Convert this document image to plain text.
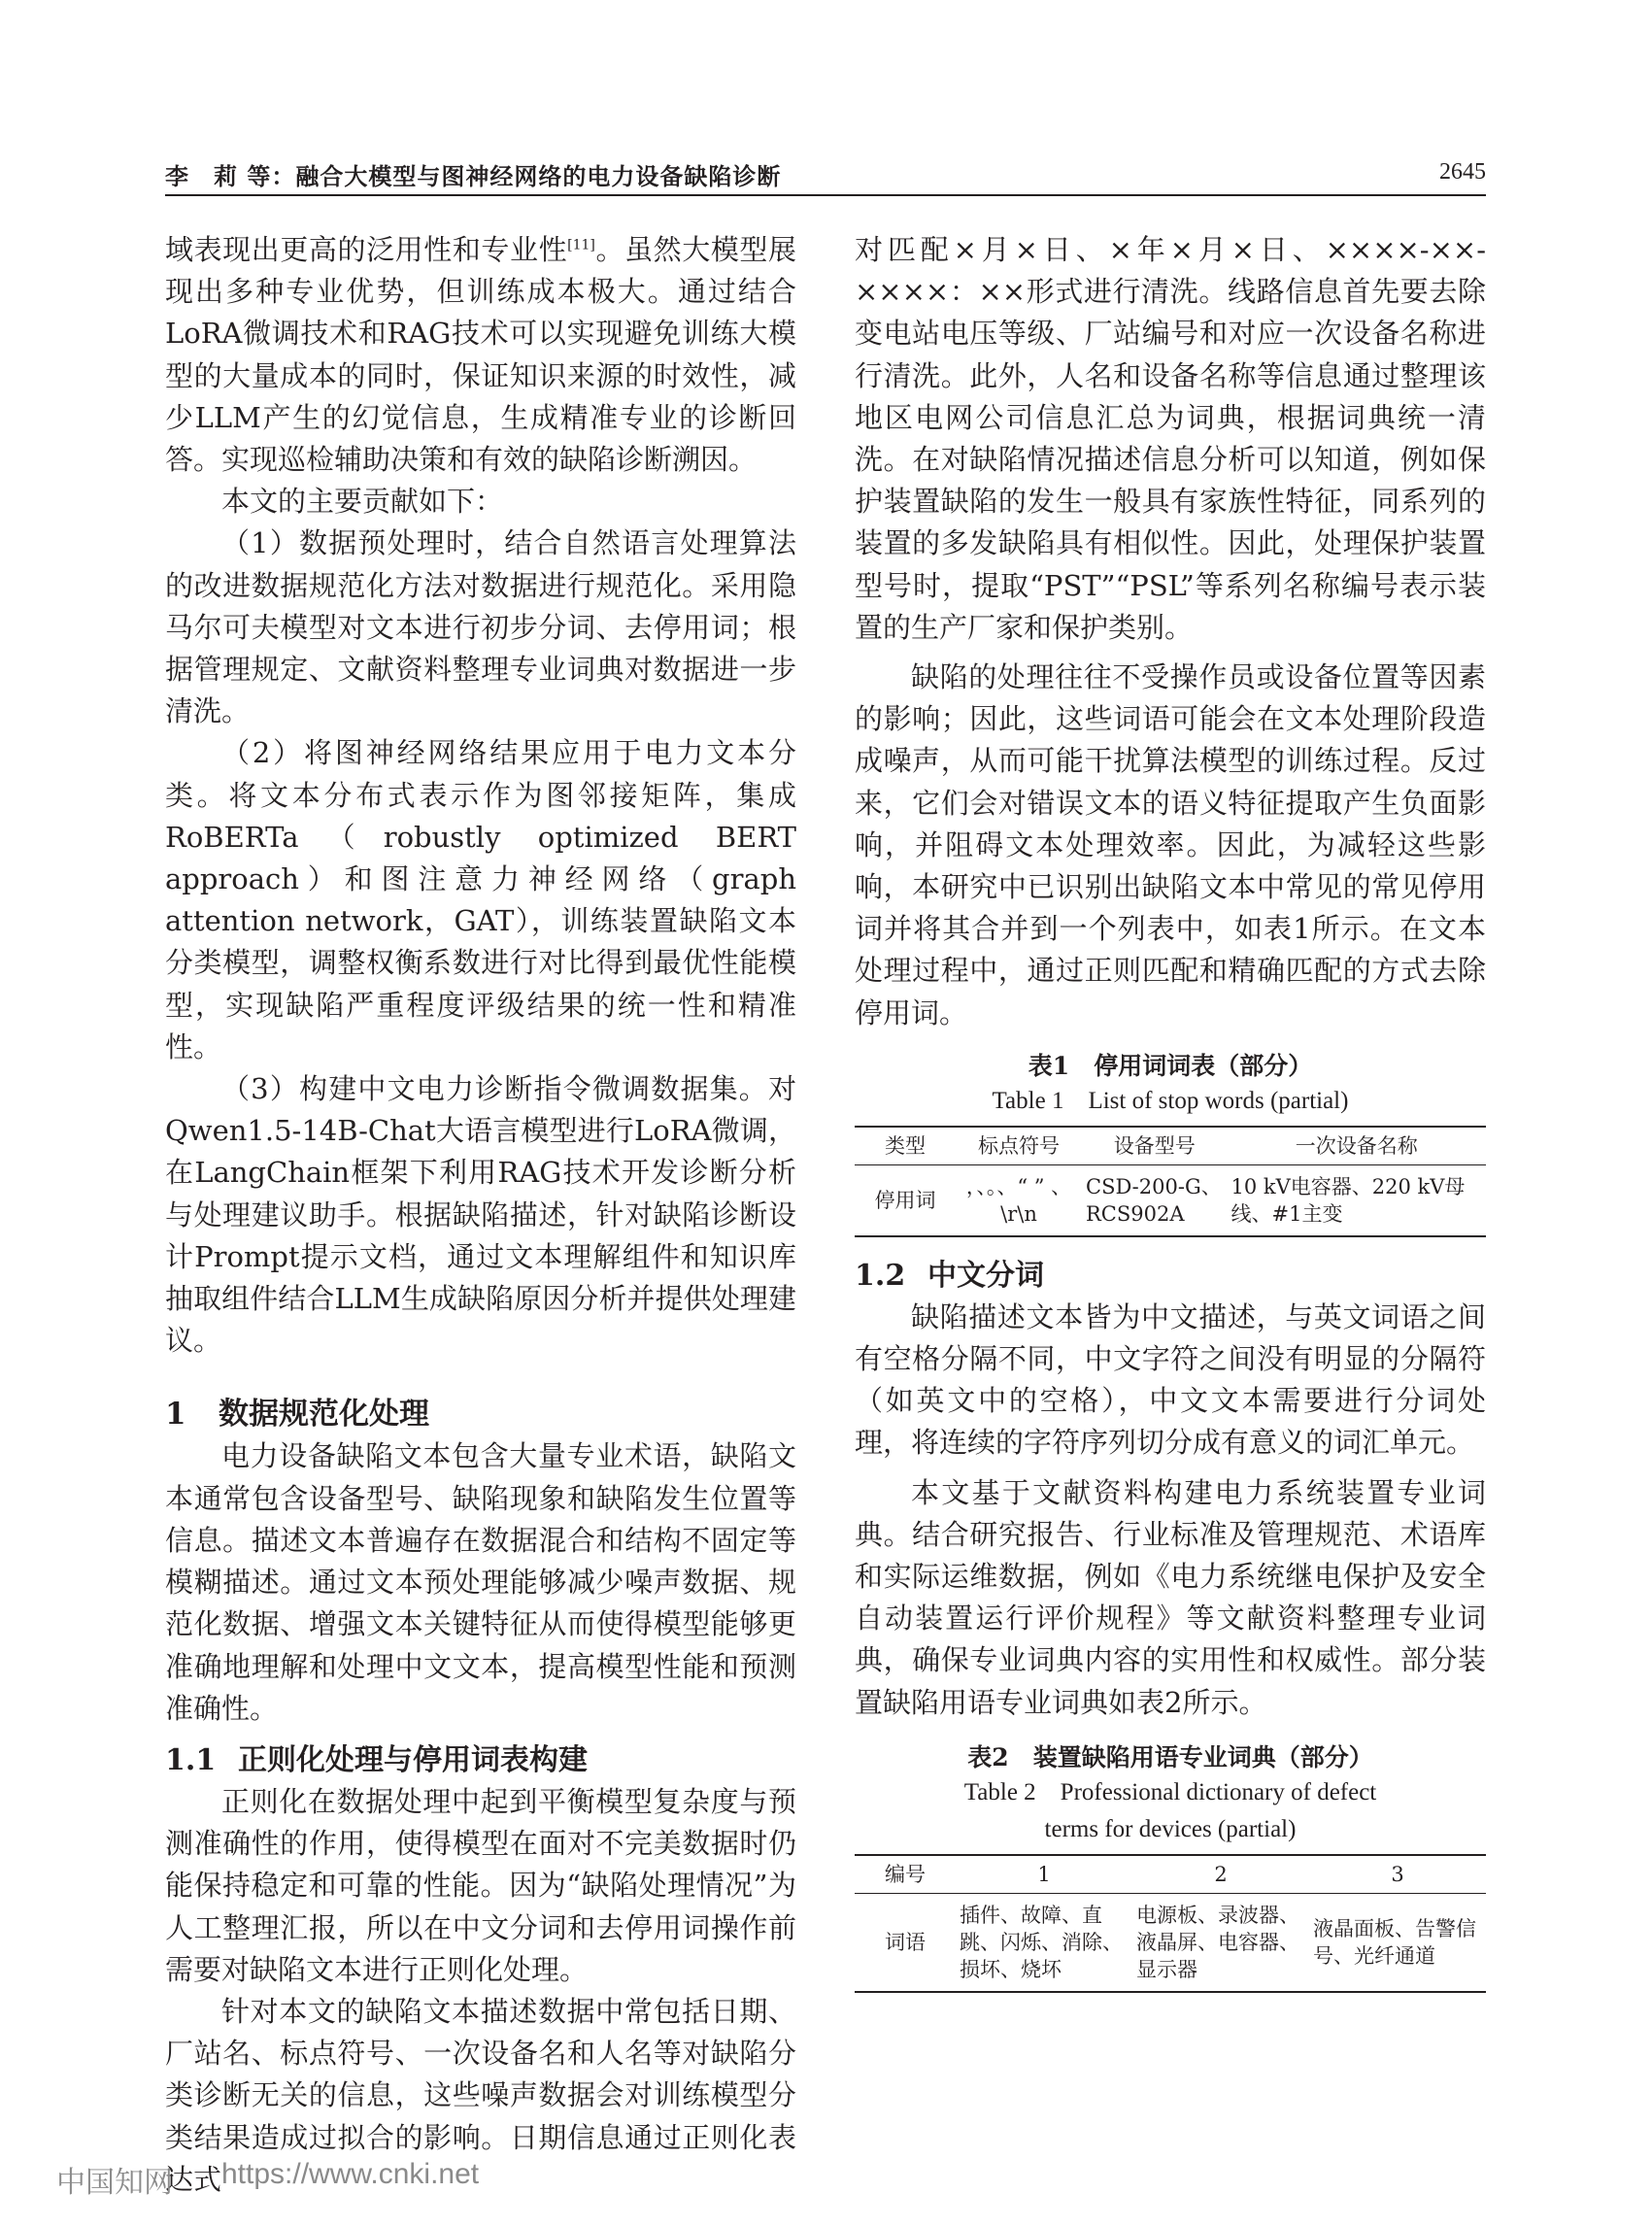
李　莉 等：融合大模型与图神经网络的电力设备缺陷诊断	2645

域表现出更高的泛用性和专业性[11]。虽然大模型展现出多种专业优势，但训练成本极大。通过结合LoRA微调技术和RAG技术可以实现避免训练大模型的大量成本的同时，保证知识来源的时效性，减少LLM产生的幻觉信息，生成精准专业的诊断回答。实现巡检辅助决策和有效的缺陷诊断溯因。

本文的主要贡献如下：

（1）数据预处理时，结合自然语言处理算法的改进数据规范化方法对数据进行规范化。采用隐马尔可夫模型对文本进行初步分词、去停用词；根据管理规定、文献资料整理专业词典对数据进一步清洗。

（2）将图神经网络结果应用于电力文本分类。将文本分布式表示作为图邻接矩阵，集成RoBERTa（robustly optimized BERT approach）和图注意力神经网络（graph attention network，GAT），训练装置缺陷文本分类模型，调整权衡系数进行对比得到最优性能模型，实现缺陷严重程度评级结果的统一性和精准性。

（3）构建中文电力诊断指令微调数据集。对Qwen1.5-14B-Chat大语言模型进行LoRA微调，在LangChain框架下利用RAG技术开发诊断分析与处理建议助手。根据缺陷描述，针对缺陷诊断设计Prompt提示文档，通过文本理解组件和知识库抽取组件结合LLM生成缺陷原因分析并提供处理建议。

1 数据规范化处理

电力设备缺陷文本包含大量专业术语，缺陷文本通常包含设备型号、缺陷现象和缺陷发生位置等信息。描述文本普遍存在数据混合和结构不固定等模糊描述。通过文本预处理能够减少噪声数据、规范化数据、增强文本关键特征从而使得模型能够更准确地理解和处理中文文本，提高模型性能和预测准确性。

1.1 正则化处理与停用词表构建

正则化在数据处理中起到平衡模型复杂度与预测准确性的作用，使得模型在面对不完美数据时仍能保持稳定和可靠的性能。因为“缺陷处理情况”为人工整理汇报，所以在中文分词和去停用词操作前需要对缺陷文本进行正则化处理。

针对本文的缺陷文本描述数据中常包括日期、厂站名、标点符号、一次设备名和人名等对缺陷分类诊断无关的信息，这些噪声数据会对训练模型分类结果造成过拟合的影响。日期信息通过正则化表达式

对匹配×月×日、×年×月×日、××××-××-××××：××形式进行清洗。线路信息首先要去除变电站电压等级、厂站编号和对应一次设备名称进行清洗。此外，人名和设备名称等信息通过整理该地区电网公司信息汇总为词典，根据词典统一清洗。在对缺陷情况描述信息分析可以知道，例如保护装置缺陷的发生一般具有家族性特征，同系列的装置的多发缺陷具有相似性。因此，处理保护装置型号时，提取“PST”“PSL”等系列名称编号表示装置的生产厂家和保护类别。

缺陷的处理往往不受操作员或设备位置等因素的影响；因此，这些词语可能会在文本处理阶段造成噪声，从而可能干扰算法模型的训练过程。反过来，它们会对错误文本的语义特征提取产生负面影响，并阻碍文本处理效率。因此，为减轻这些影响，本研究中已识别出缺陷文本中常见的常见停用词并将其合并到一个列表中，如表1所示。在文本处理过程中，通过正则匹配和精确匹配的方式去除停用词。

表1　停用词词表（部分）
Table 1　List of stop words (partial)
类型	标点符号	设备型号	一次设备名称
停用词	，、。、“ ” 、\r\n	CSD-200-G、RCS902A	10 kV电容器、220 kV母线、#1主变
1.2 中文分词

缺陷描述文本皆为中文描述，与英文词语之间有空格分隔不同，中文字符之间没有明显的分隔符（如英文中的空格），中文文本需要进行分词处理，将连续的字符序列切分成有意义的词汇单元。

本文基于文献资料构建电力系统装置专业词典。结合研究报告、行业标准及管理规范、术语库和实际运维数据，例如《电力系统继电保护及安全自动装置运行评价规程》等文献资料整理专业词典，确保专业词典内容的实用性和权威性。部分装置缺陷用语专业词典如表2所示。

表2　装置缺陷用语专业词典（部分）
Table 2　Professional dictionary of defect
terms for devices (partial)
编号	1	2	3
词语	插件、故障、直跳、闪烁、消除、损坏、烧坏	电源板、录波器、液晶屏、电容器、显示器	液晶面板、告警信号、光纤通道
中国知网 https://www.cnki.net
